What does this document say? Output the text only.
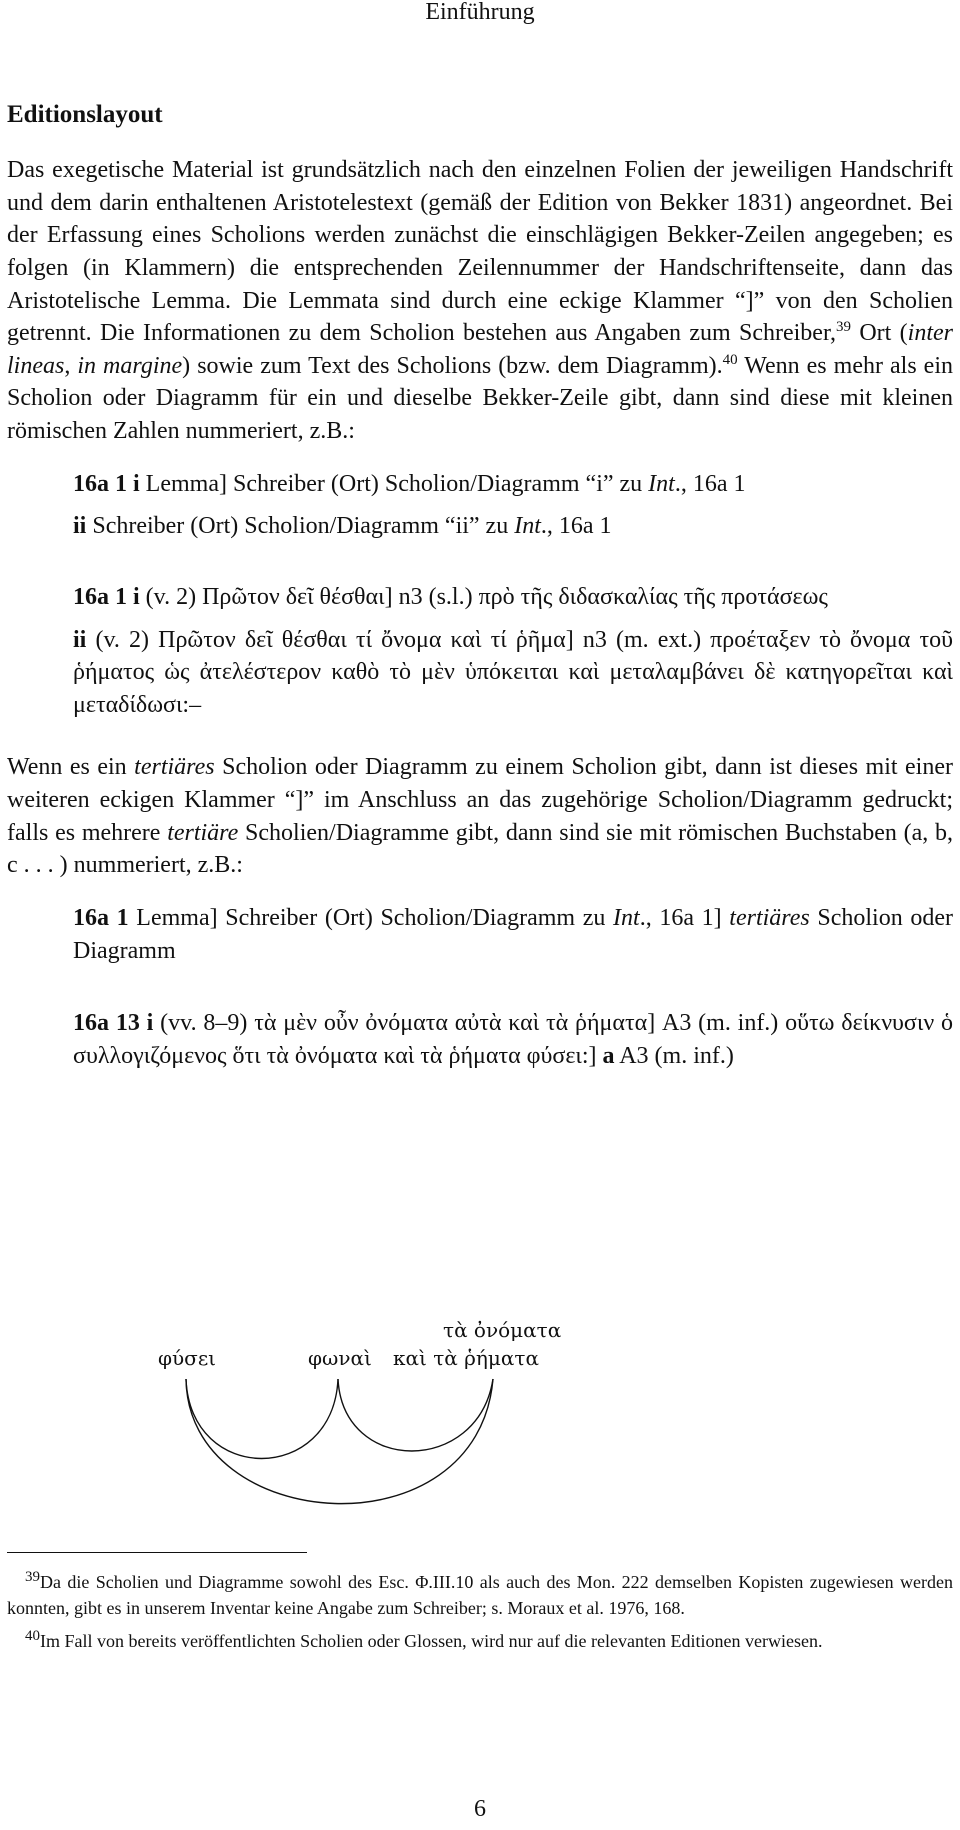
Einführung
Editionslayout

Das exegetische Material ist grundsätzlich nach den einzelnen Folien der jeweiligen Handschrift und dem darin enthaltenen Aristotelestext (gemäß der Edition von Bekker 1831) angeordnet. Bei der Erfassung eines Scholions werden zunächst die einschlägigen Bekker-Zeilen angegeben; es folgen (in Klammern) die entsprechenden Zeilennummer der Handschriftenseite, dann das Aristotelische Lemma. Die Lemmata sind durch eine eckige Klammer “]” von den Scholien getrennt. Die Informationen zu dem Scholion bestehen aus Angaben zum Schreiber,$^{39}$ Ort (inter lineas, in margine) sowie zum Text des Scholions (bzw. dem Diagramm).$^{40}$ Wenn es mehr als ein Scholion oder Diagramm für ein und dieselbe Bekker-Zeile gibt, dann sind diese mit kleinen römischen Zahlen nummeriert, z.B.:

16a 1 i Lemma] Schreiber (Ort) Scholion/Diagramm “i” zu Int., 16a 1

ii Schreiber (Ort) Scholion/Diagramm “ii” zu Int., 16a 1

16a 1 i (v. 2) Πρῶτον δεῖ θέσθαι] n3 (s.l.) πρὸ τῆς διδασκαλίας τῆς προτάσεως

ii (v. 2) Πρῶτον δεῖ θέσθαι τί ὄνομα καὶ τί ῥῆμα] n3 (m. ext.) προέταξεν τὸ ὄνομα τοῦ ῥήματος ὡς ἀτελέστερον καθὸ τὸ μὲν ὑπόκειται καὶ μεταλαμβάνει δὲ κατηγορεῖται καὶ μεταδίδωσι:–

Wenn es ein tertiäres Scholion oder Diagramm zu einem Scholion gibt, dann ist dieses mit einer weiteren eckigen Klammer “]” im Anschluss an das zugehörige Scholion/Diagramm gedruckt; falls es mehrere tertiäre Scholien/Diagramme gibt, dann sind sie mit römischen Buchstaben (a, b, c . . . ) nummeriert, z.B.:

16a 1 Lemma] Schreiber (Ort) Scholion/Diagramm zu Int., 16a 1] tertiäres Scholion oder Diagramm

16a 13 i (vv. 8–9) τὰ μὲν οὖν ὀνόματα αὐτὰ καὶ τὰ ῥήματα] A3 (m. inf.) οὕτω δείκνυσιν ὁ συλλογιζόμενος ὅτι τὰ ὀνόματα καὶ τὰ ῥήματα φύσει:] a A3 (m. inf.)

φύσει	φωναὶ
τὰ ὀνόματα
καὶ τὰ ῥήματα

$^{39}$Da die Scholien und Diagramme sowohl des Esc. Φ.III.10 als auch des Mon. 222 demselben Kopisten zugewiesen werden konnten, gibt es in unserem Inventar keine Angabe zum Schreiber; s. Moraux et al. 1976, 168.

$^{40}$Im Fall von bereits veröffentlichten Scholien oder Glossen, wird nur auf die relevanten Editionen verwiesen.

6
